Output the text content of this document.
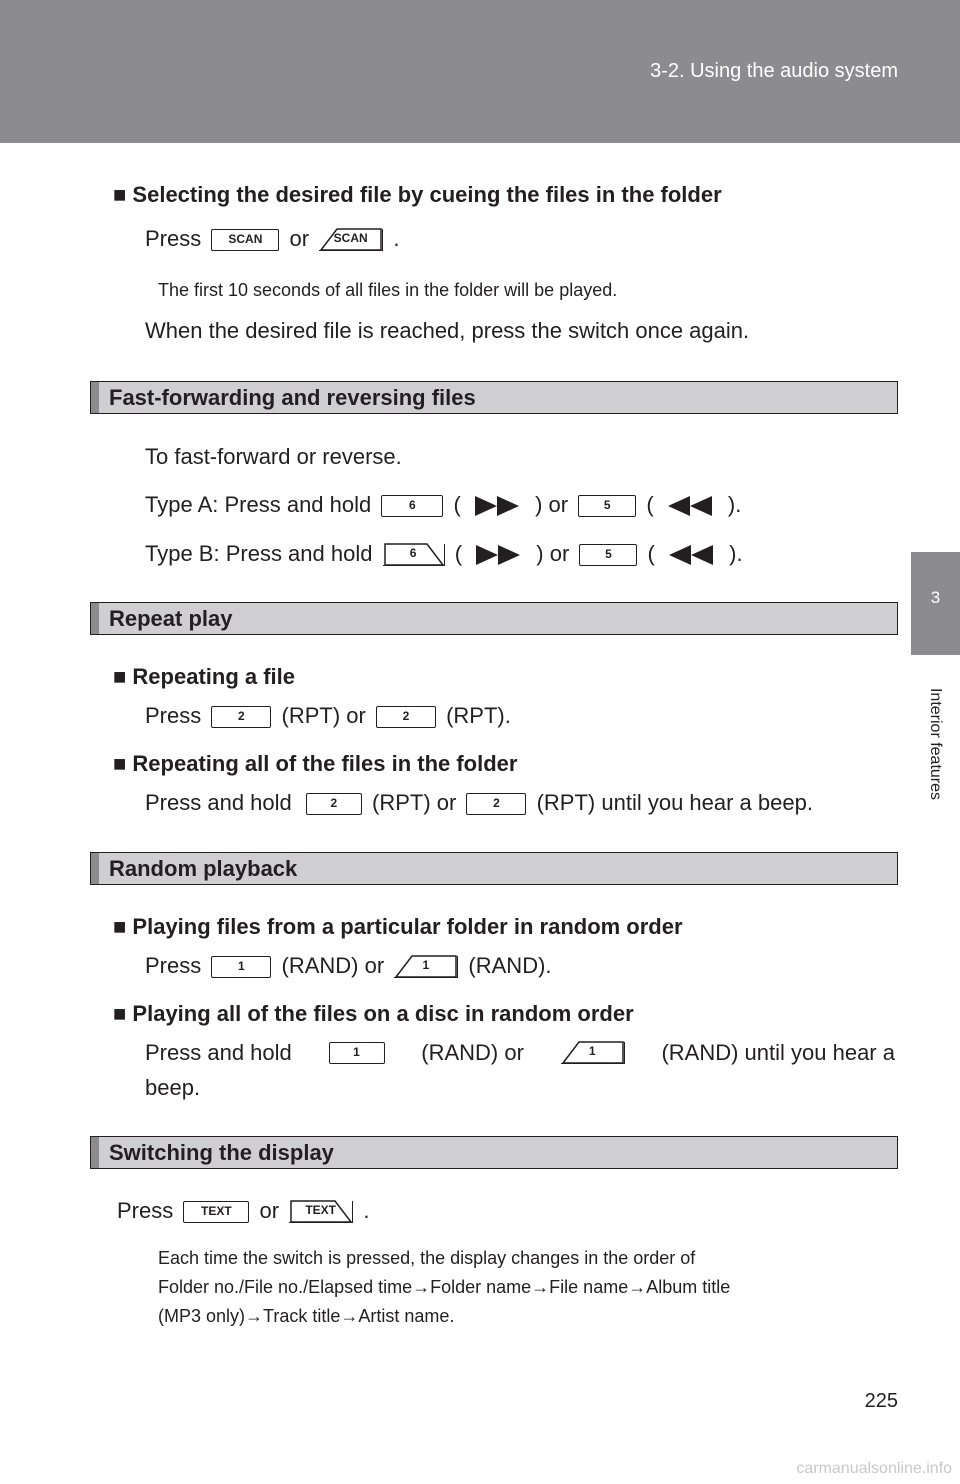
3-2. Using the audio system
3
Interior features
■ Selecting the desired file by cueing the files in the folder
Press SCAN or SCAN .
The first 10 seconds of all files in the folder will be played.
When the desired file is reached, press the switch once again.
Fast-forwarding and reversing files
To fast-forward or reverse.
Type A: Press and hold	6 (	) or	5 (	).
Type B: Press and hold	6 (	) or	5 (	).
Repeat play
■ Repeating a file
Press	2 (RPT) or	2 (RPT).
■ Repeating all of the files in the folder
Press and hold	2 (RPT) or	2 (RPT) until you hear a beep.
Random playback
■ Playing files from a particular folder in random order
Press	1 (RAND) or	1 (RAND).
■ Playing all of the files on a disc in random order
Press and hold	1	(RAND) or	1	(RAND) until you hear a
beep.
Switching the display
Press TEXT or TEXT .
Each time the switch is pressed, the display changes in the order of
Folder no./File no./Elapsed time→Folder name→File name→Album title
(MP3 only)→Track title→Artist name.
225
carmanualsonline.info
